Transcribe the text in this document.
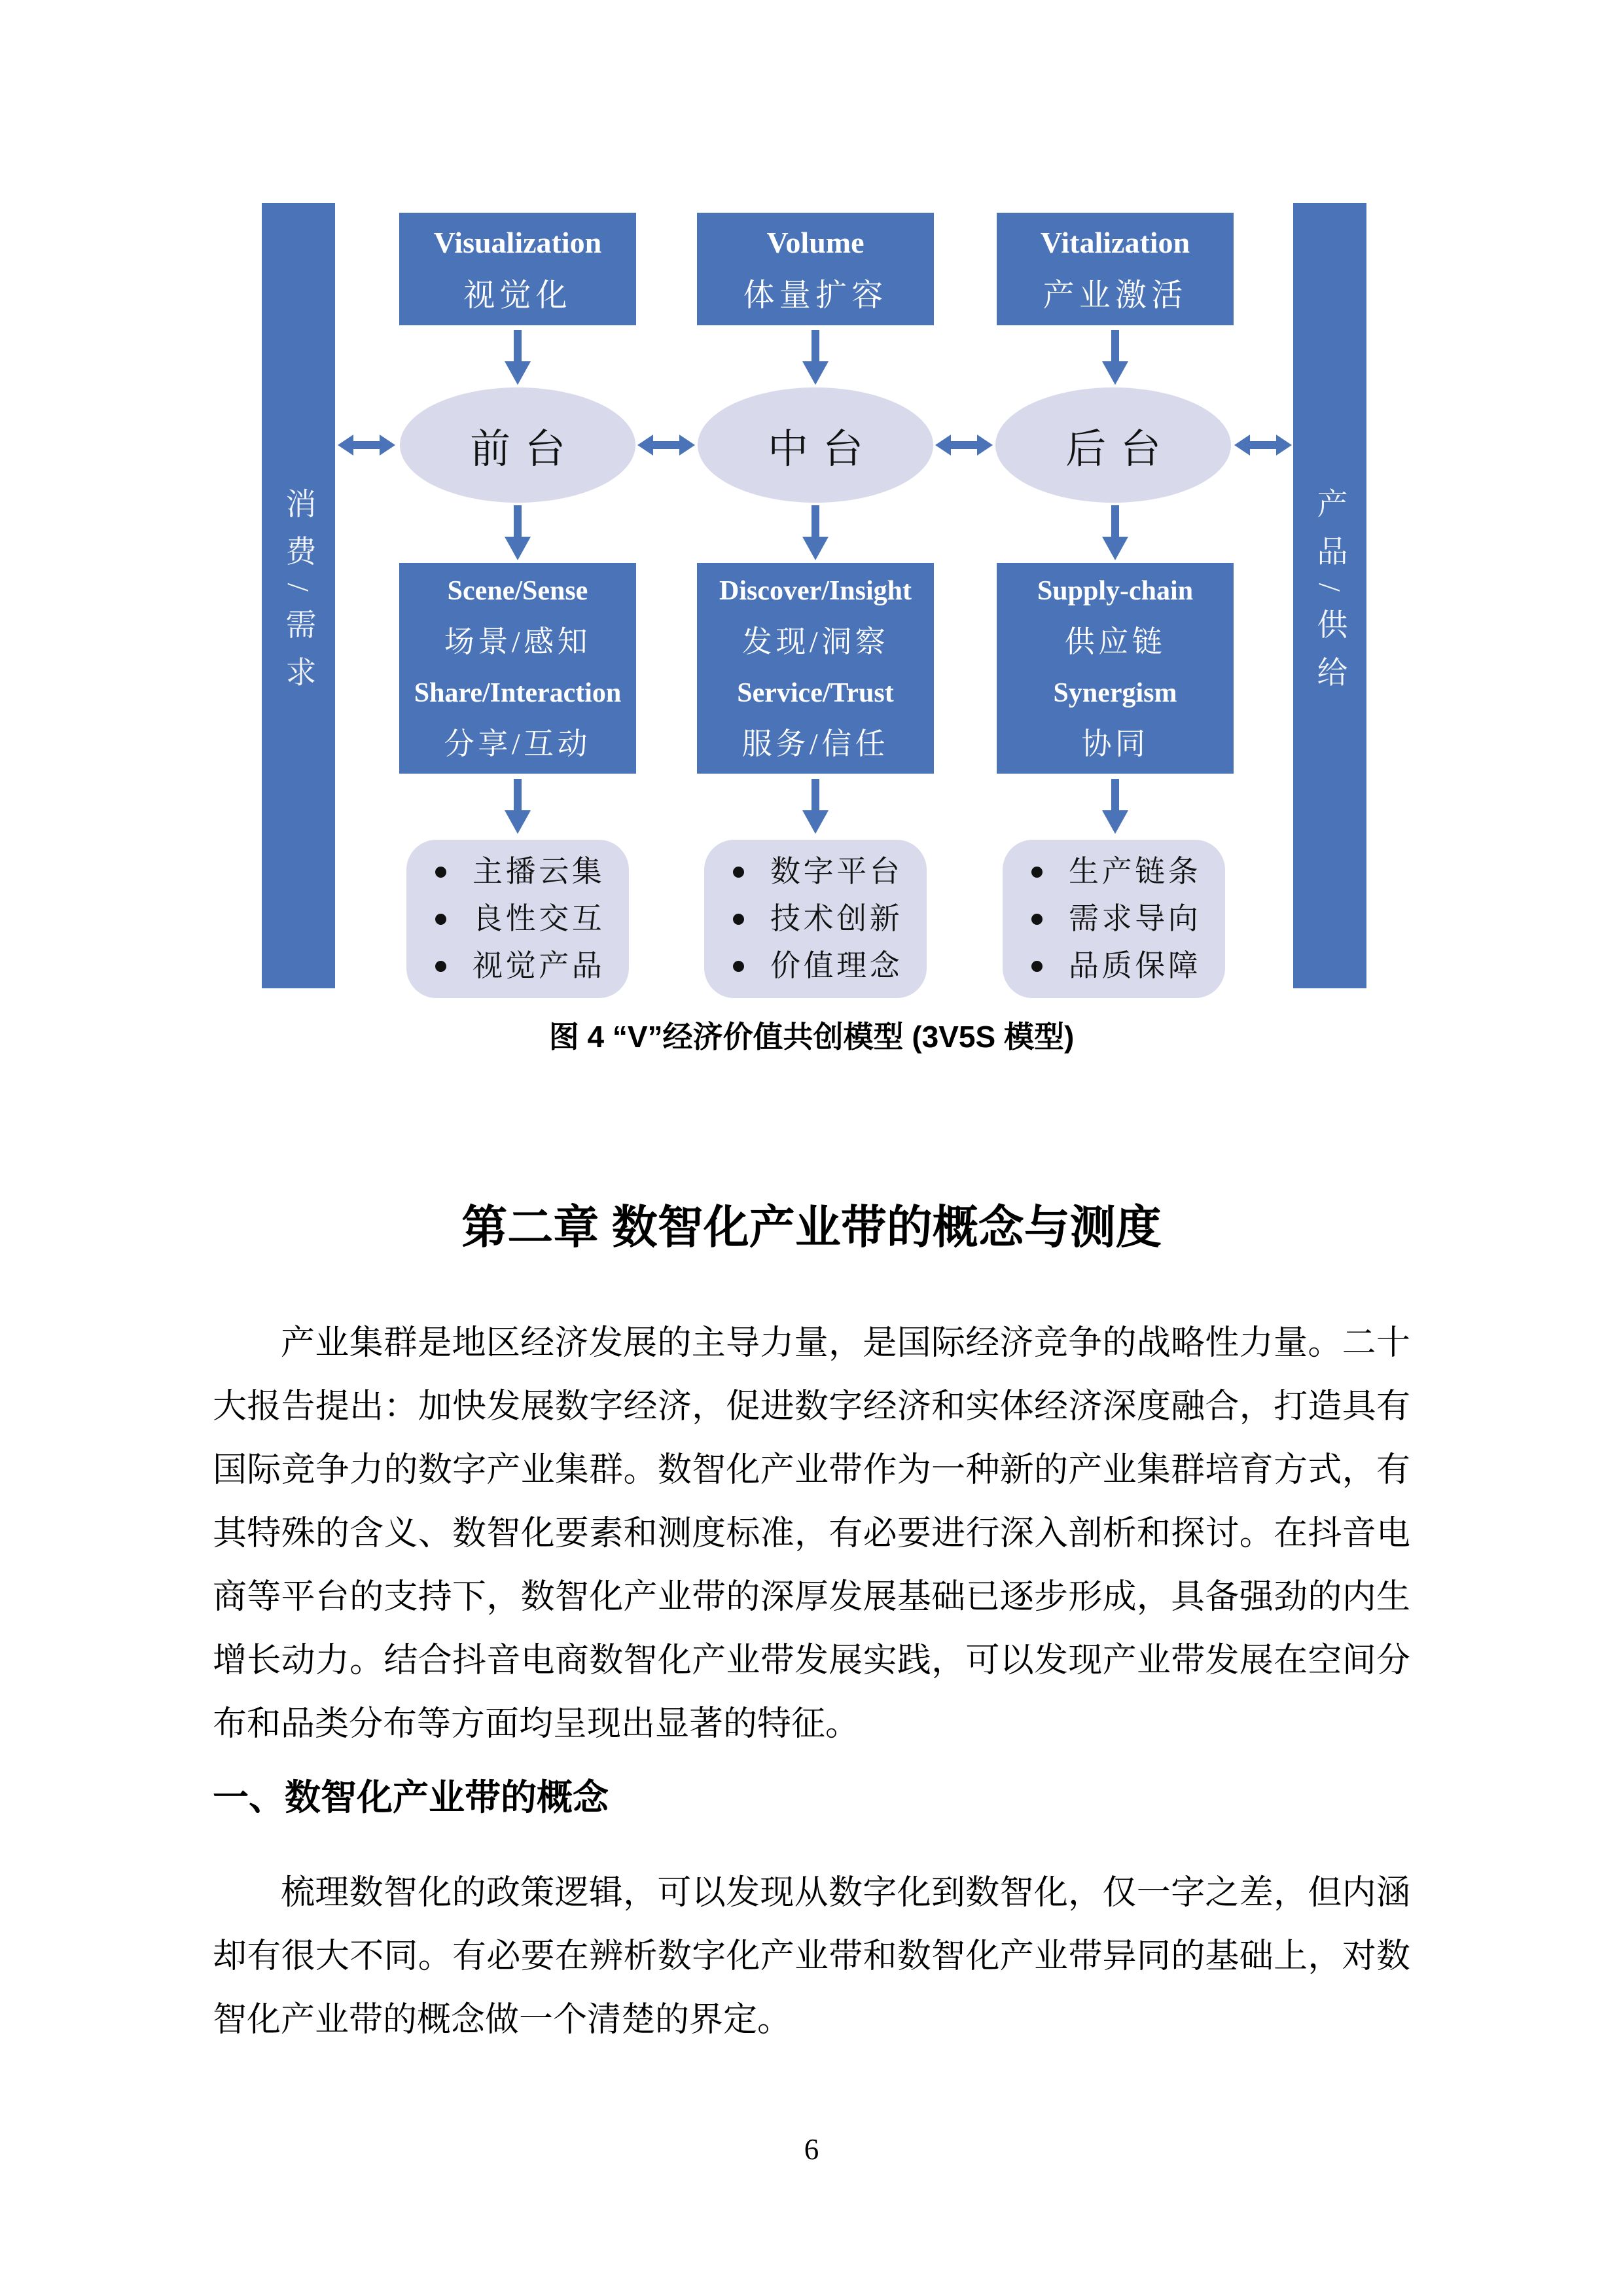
消费/需求	产品/供给
Visualization
视觉化
Volume
体量扩容
Vitalization
产业激活
前台	中台	后台
Scene/Sense
场景/感知
Share/Interaction
分享/互动
Discover/Insight
发现/洞察
Service/Trust
服务/信任
Supply-chain
供应链
Synergism
协同
主播云集
良性交互
视觉产品
数字平台
技术创新
价值理念
生产链条
需求导向
品质保障
图 4 “V”经济价值共创模型 (3V5S 模型)
第二章 数智化产业带的概念与测度

产业集群是地区经济发展的主导力量，是国际经济竞争的战略性力量。二十大报告提出：加快发展数字经济，促进数字经济和实体经济深度融合，打造具有国际竞争力的数字产业集群。数智化产业带作为一种新的产业集群培育方式，有其特殊的含义、数智化要素和测度标准，有必要进行深入剖析和探讨。在抖音电商等平台的支持下，数智化产业带的深厚发展基础已逐步形成，具备强劲的内生增长动力。结合抖音电商数智化产业带发展实践，可以发现产业带发展在空间分布和品类分布等方面均呈现出显著的特征。

一、数智化产业带的概念

梳理数智化的政策逻辑，可以发现从数字化到数智化，仅一字之差，但内涵却有很大不同。有必要在辨析数字化产业带和数智化产业带异同的基础上，对数智化产业带的概念做一个清楚的界定。

6
